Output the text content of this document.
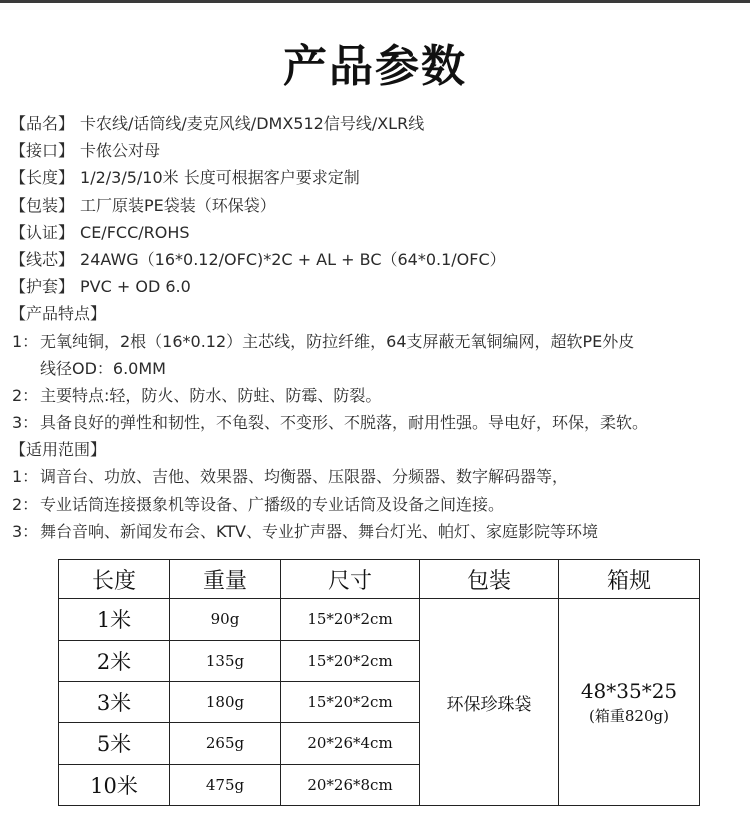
产品参数
【品名】 卡农线/话筒线/麦克风线/DMX512信号线/XLR线
【接口】 卡侬公对母
【长度】 1/2/3/5/10米 长度可根据客户要求定制
【包装】 工厂原装PE袋装（环保袋）
【认证】 CE/FCC/ROHS
【线芯】 24AWG（16*0.12/OFC)*2C + AL + BC（64*0.1/OFC）
【护套】 PVC + OD 6.0
【产品特点】
1： 无氧纯铜，2根（16*0.12）主芯线，防拉纤维，64支屏蔽无氧铜编网，超软PE外皮
线径OD：6.0MM
2： 主要特点:轻，防火、防水、防蛀、防霉、防裂。
3： 具备良好的弹性和韧性，不龟裂、不变形、不脱落，耐用性强。导电好，环保，柔软。
【适用范围】
1： 调音台、功放、吉他、效果器、均衡器、压限器、分频器、数字解码器等，
2： 专业话筒连接摄象机等设备、广播级的专业话筒及设备之间连接。
3： 舞台音响、新闻发布会、KTV、专业扩声器、舞台灯光、帕灯、家庭影院等环境
长度	重量	尺寸	包装	箱规
1米	90g	15*20*2cm	环保珍珠袋	48*35*25
(箱重820g)

2米	135g	15*20*2cm		
3米	180g	15*20*2cm		
5米	265g	20*26*4cm		
10米	475g	20*26*8cm		
